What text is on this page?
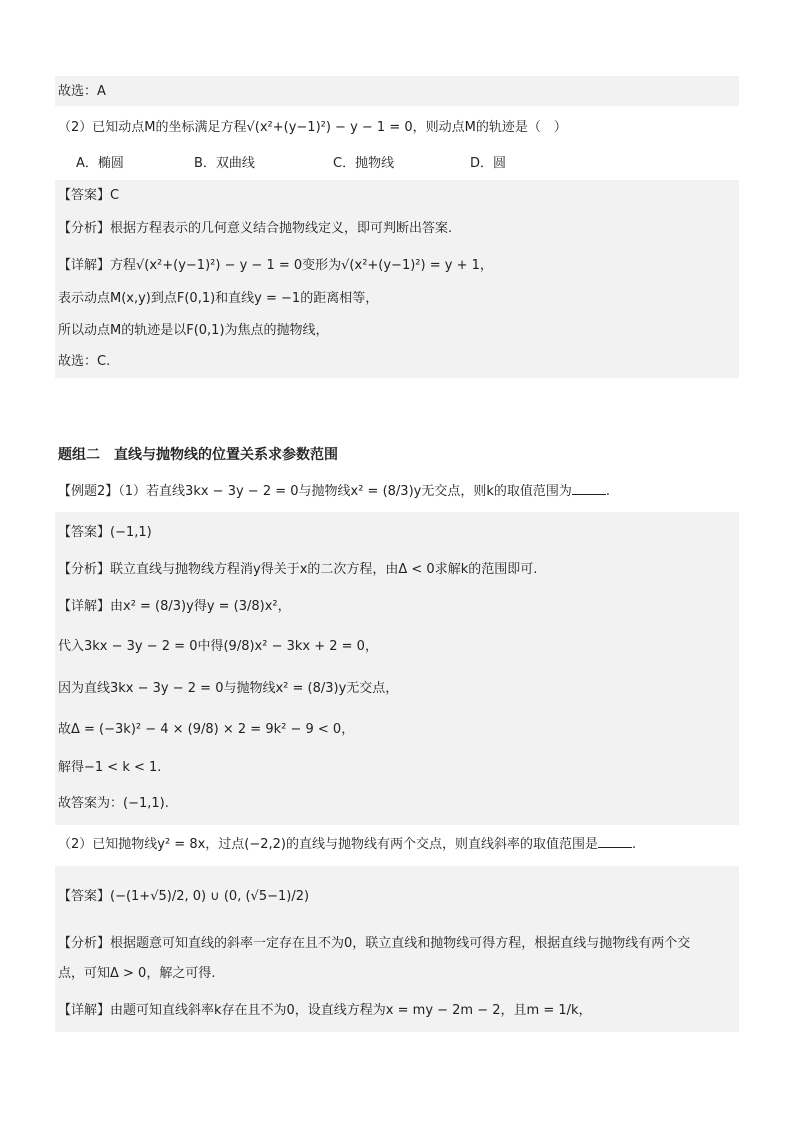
故选：A
（2）已知动点M的坐标满足方程√(x²+(y−1)²) − y − 1 = 0，则动点M的轨迹是（　）
A．椭圆	B．双曲线	C．抛物线	D．圆
【答案】C
【分析】根据方程表示的几何意义结合抛物线定义，即可判断出答案.
【详解】方程√(x²+(y−1)²) − y − 1 = 0变形为√(x²+(y−1)²) = y + 1，
表示动点M(x,y)到点F(0,1)和直线y = −1的距离相等，
所以动点M的轨迹是以F(0,1)为焦点的抛物线，
故选：C.
题组二　直线与抛物线的位置关系求参数范围
【例题2】（1）若直线3kx − 3y − 2 = 0与抛物线x² = (8/3)y无交点，则k的取值范围为	.
【答案】(−1,1)
【分析】联立直线与抛物线方程消y得关于x的二次方程，由Δ < 0求解k的范围即可.
【详解】由x² = (8/3)y得y = (3/8)x²，
代入3kx − 3y − 2 = 0中得(9/8)x² − 3kx + 2 = 0，
因为直线3kx − 3y − 2 = 0与抛物线x² = (8/3)y无交点，
故Δ = (−3k)² − 4 × (9/8) × 2 = 9k² − 9 < 0，
解得−1 < k < 1.
故答案为：(−1,1).
（2）已知抛物线y² = 8x，过点(−2,2)的直线与抛物线有两个交点，则直线斜率的取值范围是	.
【答案】(−(1+√5)/2, 0) ∪ (0, (√5−1)/2)
【分析】根据题意可知直线的斜率一定存在且不为0，联立直线和抛物线可得方程，根据直线与抛物线有两个交
点，可知Δ > 0，解之可得.
【详解】由题可知直线斜率k存在且不为0，设直线方程为x = my − 2m − 2，且m = 1/k，
